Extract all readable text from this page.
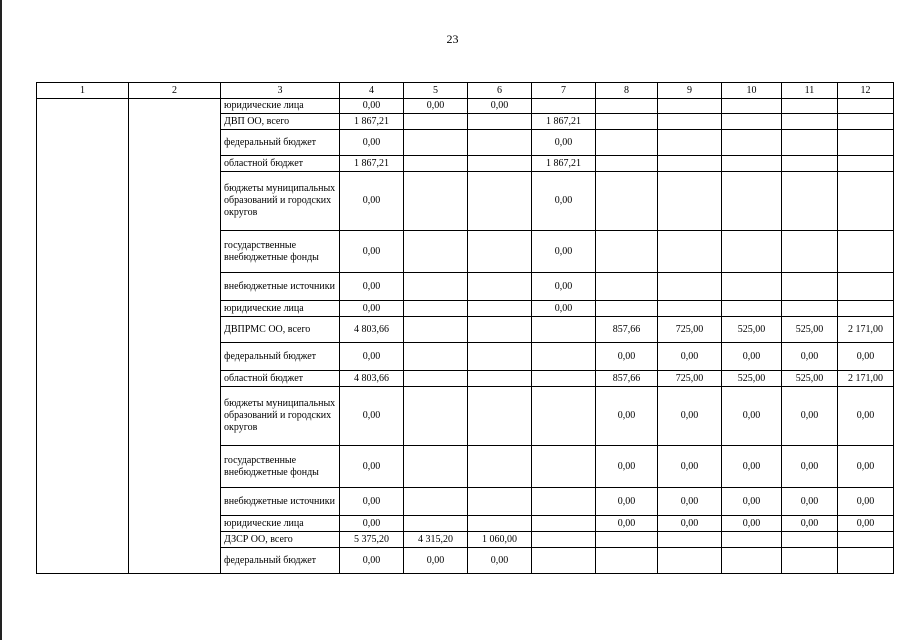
23
1	2	3	4	5	6	7	8	9	10	11	12
		юридические лица	0,00	0,00	0,00						
		ДВП ОО, всего	1 867,21			1 867,21					
		федеральный бюджет	0,00			0,00					
		областной бюджет	1 867,21			1 867,21					
		бюджеты муниципальных образований и городских округов	0,00			0,00					
		государственные внебюджетные фонды	0,00			0,00					
		внебюджетные источники	0,00			0,00					
		юридические лица	0,00			0,00					
		ДВПРМС ОО, всего	4 803,66				857,66	725,00	525,00	525,00	2 171,00
		федеральный бюджет	0,00				0,00	0,00	0,00	0,00	0,00
		областной бюджет	4 803,66				857,66	725,00	525,00	525,00	2 171,00
		бюджеты муниципальных образований и городских округов	0,00				0,00	0,00	0,00	0,00	0,00
		государственные внебюджетные фонды	0,00				0,00	0,00	0,00	0,00	0,00
		внебюджетные источники	0,00				0,00	0,00	0,00	0,00	0,00
		юридические лица	0,00				0,00	0,00	0,00	0,00	0,00
		ДЗСР ОО, всего	5 375,20	4 315,20	1 060,00						
		федеральный бюджет	0,00	0,00	0,00						
